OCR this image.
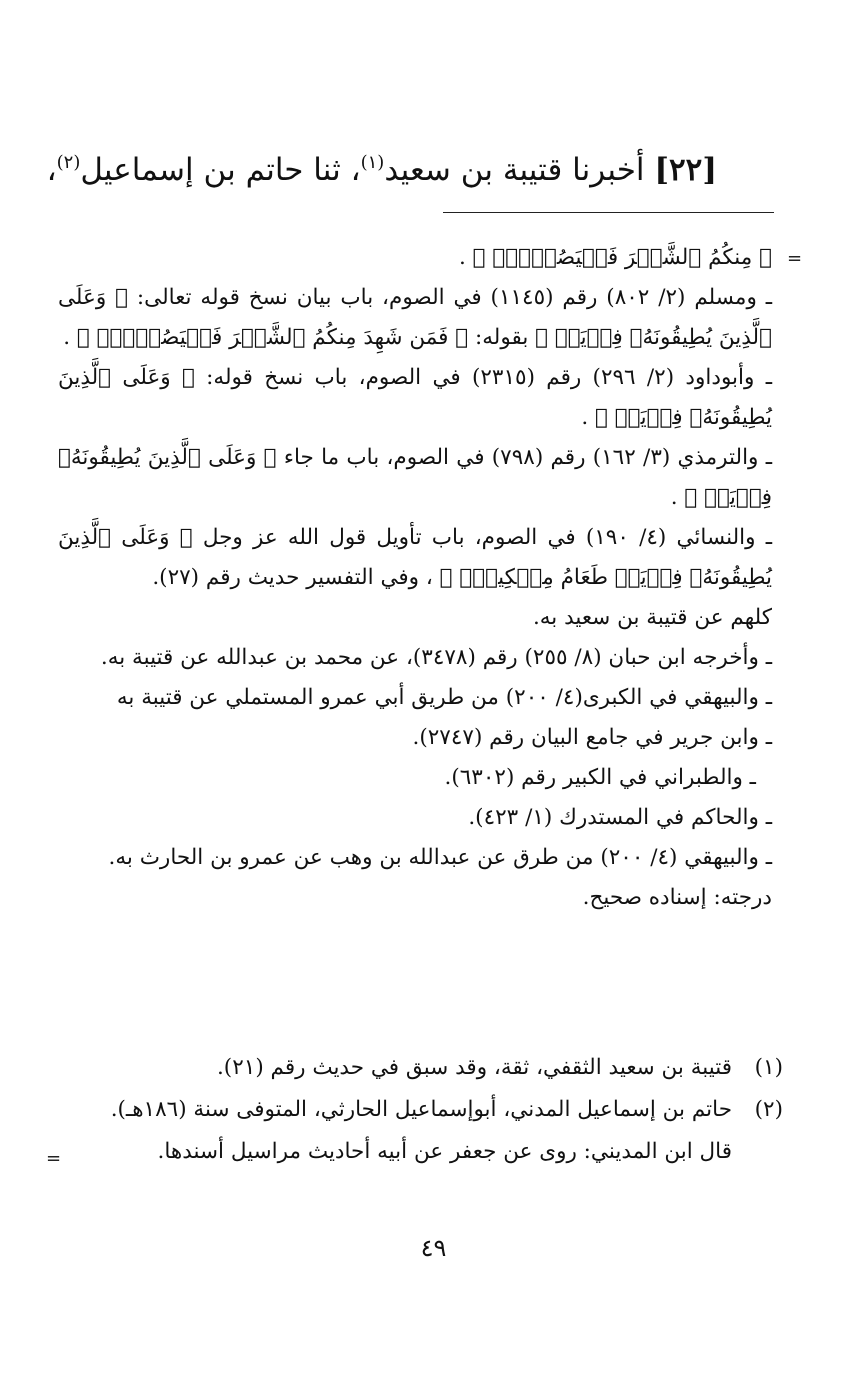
[٢٢] أخبرنا قتيبة بن سعيد$^{(١)}$، ثنا حاتم بن إسماعيل$^{(٢)}$،
=

﴿ مِنكُمُ ٱلشَّهۡرَ فَلۡيَصُمۡهُۖ ﴾ .

ـ ومسلم (٢/ ٨٠٢) رقم (١١٤٥) في الصوم، باب بيان نسخ قوله تعالى: ﴿ وَعَلَى ٱلَّذِينَ يُطِيقُونَهُۥ فِدۡيَةٞ ﴾ بقوله: ﴿ فَمَن شَهِدَ مِنكُمُ ٱلشَّهۡرَ فَلۡيَصُمۡهُۖ ﴾ .

ـ وأبوداود (٢/ ٢٩٦) رقم (٢٣١٥) في الصوم، باب نسخ قوله: ﴿ وَعَلَى ٱلَّذِينَ يُطِيقُونَهُۥ فِدۡيَةٞ ﴾ .

ـ والترمذي (٣/ ١٦٢) رقم (٧٩٨) في الصوم، باب ما جاء ﴿ وَعَلَى ٱلَّذِينَ يُطِيقُونَهُۥ فِدۡيَةٞ ﴾ .

ـ والنسائي (٤/ ١٩٠) في الصوم، باب تأويل قول الله عز وجل ﴿ وَعَلَى ٱلَّذِينَ يُطِيقُونَهُۥ فِدۡيَةٞ طَعَامُ مِسۡكِينٖۖ ﴾ ، وفي التفسير حديث رقم (٢٧).

كلهم عن قتيبة بن سعيد به.

ـ وأخرجه ابن حبان (٨/ ٢٥٥) رقم (٣٤٧٨)، عن محمد بن عبدالله عن قتيبة به.

ـ والبيهقي في الكبرى(٤/ ٢٠٠) من طريق أبي عمرو المستملي عن قتيبة به

ـ وابن جرير في جامع البيان رقم (٢٧٤٧).

ـ والطبراني في الكبير رقم (٦٣٠٢).

ـ والحاكم في المستدرك (١/ ٤٢٣).

ـ والبيهقي (٤/ ٢٠٠) من طرق عن عبدالله بن وهب عن عمرو بن الحارث به.

درجته: إسناده صحيح.

(١)
قتيبة بن سعيد الثقفي، ثقة، وقد سبق في حديث رقم (٢١).
(٢)
حاتم بن إسماعيل المدني، أبوإسماعيل الحارثي، المتوفى سنة (١٨٦هـ).
قال ابن المديني: روى عن جعفر عن أبيه أحاديث مراسيل أسندها.
=
٤٩
